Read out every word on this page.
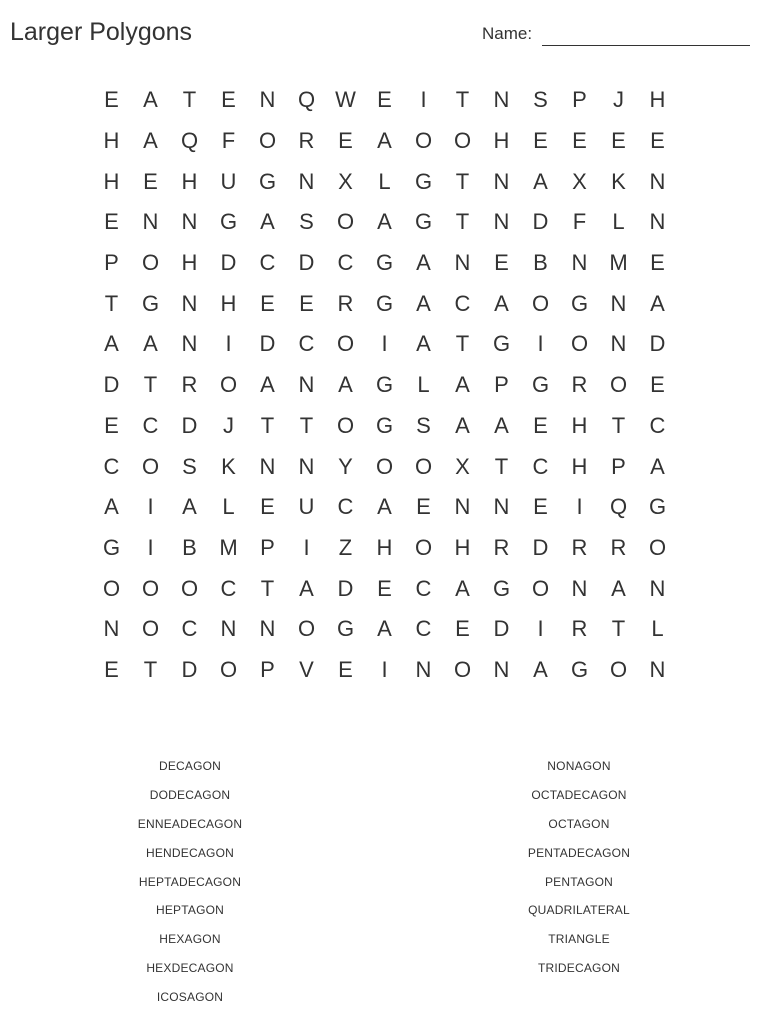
Larger Polygons	Name:
E	A	T	E	N	Q W E	I	T	N	S	P	J	H
H	A	Q	F	O	R	E	A	O O	H	E	E	E	E
H	E	H	U	G	N	X	L	G	T	N	A	X	K	N
E	N	N	G	A	S	O	A	G	T	N	D	F	L	N
P	O	H	D	C	D	C	G	A	N	E	B	N M	E
T	G	N	H	E	E	R	G	A	C	A	O G	N	A
A	A	N	I	D	C	O	I	A	T	G	I	O	N	D
D	T	R	O	A	N	A	G	L	A	P	G	R	O	E
E	C	D	J	T	T	O G	S	A	A	E	H	T	C
C	O	S	K	N	N	Y	O O	X	T	C	H	P	A
A	I	A	L	E	U	C	A	E	N	N	E	I	Q G
G	I	B	M	P	I	Z	H	O	H	R	D	R	R	O
O O O	C	T	A	D	E	C	A	G O	N	A	N
N	O	C	N	N	O G	A	C	E	D	I	R	T	L
E	T	D	O	P	V	E	I	N	O	N	A	G O	N
DECAGON
DODECAGON
ENNEADECAGON
HENDECAGON
HEPTADECAGON
HEPTAGON
HEXAGON
HEXDECAGON
ICOSAGON
NONAGON
OCTADECAGON
OCTAGON
PENTADECAGON
PENTAGON
QUADRILATERAL
TRIANGLE
TRIDECAGON
